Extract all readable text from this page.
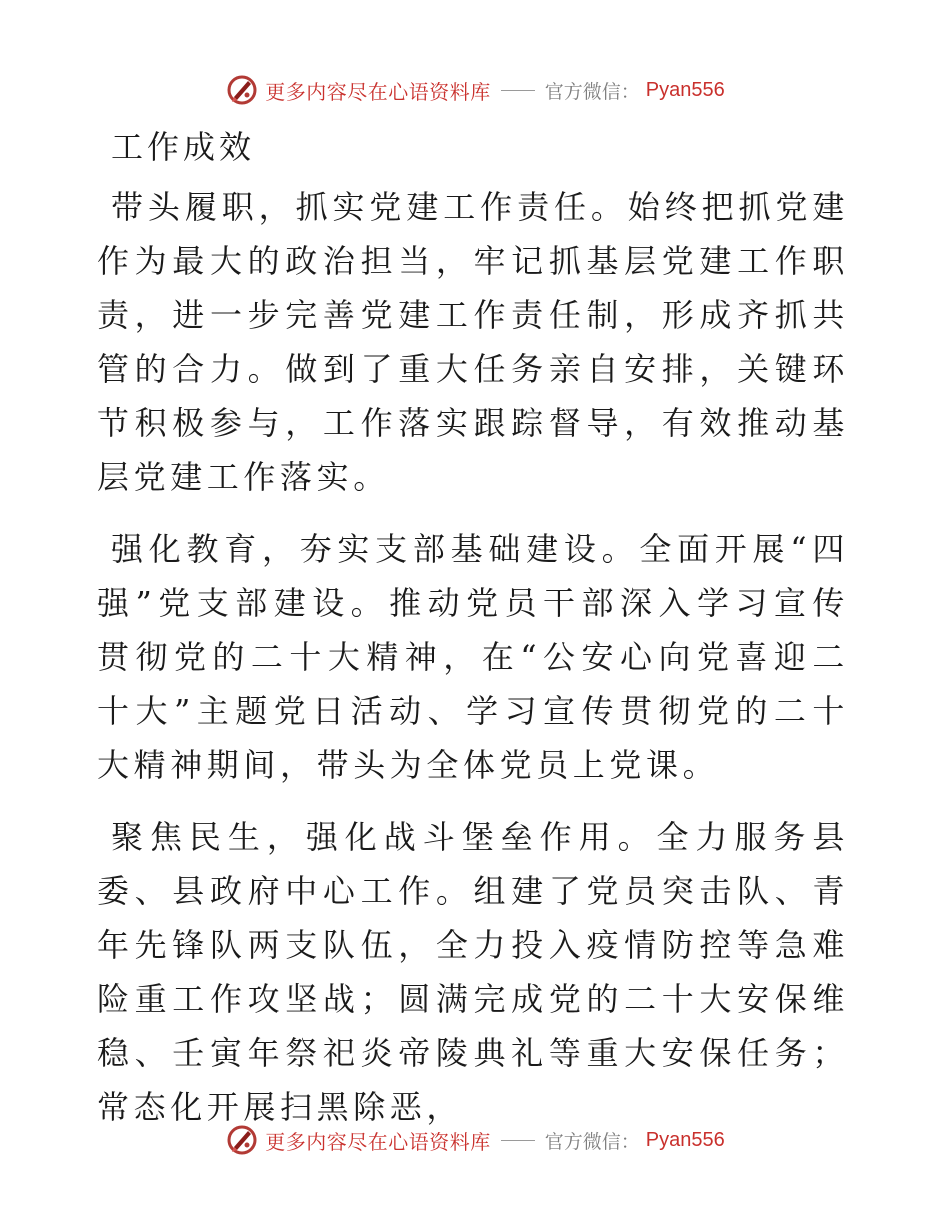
更多内容尽在心语资料库	官方微信： Pyan556
工作成效

带头履职，抓实党建工作责任。始终把抓党建作为最大的政治担当，牢记抓基层党建工作职责，进一步完善党建工作责任制，形成齐抓共管的合力。做到了重大任务亲自安排，关键环节积极参与，工作落实跟踪督导，有效推动基层党建工作落实。

强化教育，夯实支部基础建设。全面开展“四强”党支部建设。推动党员干部深入学习宣传贯彻党的二十大精神，在“公安心向党喜迎二十大”主题党日活动、学习宣传贯彻党的二十大精神期间，带头为全体党员上党课。

聚焦民生，强化战斗堡垒作用。全力服务县委、县政府中心工作。组建了党员突击队、青年先锋队两支队伍，全力投入疫情防控等急难险重工作攻坚战；圆满完成党的二十大安保维稳、壬寅年祭祀炎帝陵典礼等重大安保任务；常态化开展扫黑除恶，

更多内容尽在心语资料库	官方微信： Pyan556
